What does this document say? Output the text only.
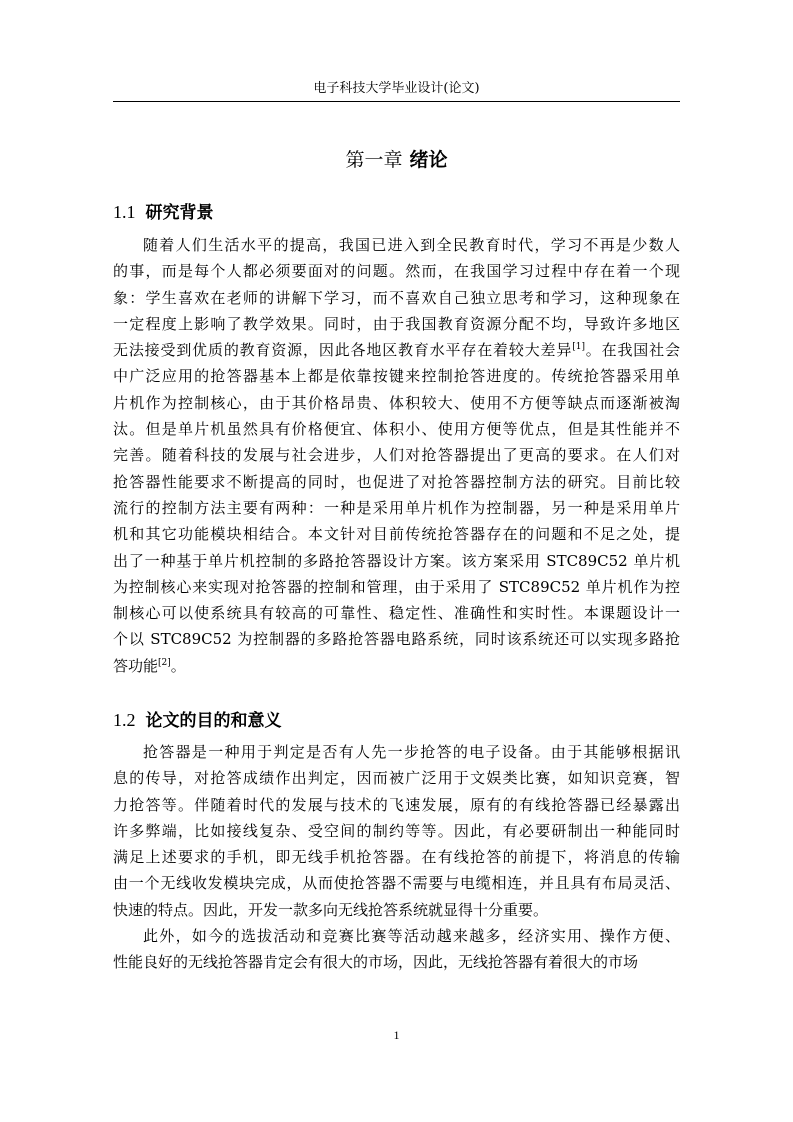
电子科技大学毕业设计(论文)
第一章 绪论
1.1 研究背景
随着人们生活水平的提高，我国已进入到全民教育时代，学习不再是少数人
的事，而是每个人都必须要面对的问题。然而，在我国学习过程中存在着一个现
象：学生喜欢在老师的讲解下学习，而不喜欢自己独立思考和学习，这种现象在
一定程度上影响了教学效果。同时，由于我国教育资源分配不均，导致许多地区
无法接受到优质的教育资源，因此各地区教育水平存在着较大差异[1]。在我国社会
中广泛应用的抢答器基本上都是依靠按键来控制抢答进度的。传统抢答器采用单
片机作为控制核心，由于其价格昂贵、体积较大、使用不方便等缺点而逐渐被淘
汰。但是单片机虽然具有价格便宜、体积小、使用方便等优点，但是其性能并不
完善。随着科技的发展与社会进步，人们对抢答器提出了更高的要求。在人们对
抢答器性能要求不断提高的同时，也促进了对抢答器控制方法的研究。目前比较
流行的控制方法主要有两种：一种是采用单片机作为控制器，另一种是采用单片
机和其它功能模块相结合。本文针对目前传统抢答器存在的问题和不足之处，提
出了一种基于单片机控制的多路抢答器设计方案。该方案采用 STC89C52 单片机
为控制核心来实现对抢答器的控制和管理，由于采用了 STC89C52 单片机作为控
制核心可以使系统具有较高的可靠性、稳定性、准确性和实时性。本课题设计一
个以 STC89C52 为控制器的多路抢答器电路系统，同时该系统还可以实现多路抢
答功能[2]。
1.2 论文的目的和意义
抢答器是一种用于判定是否有人先一步抢答的电子设备。由于其能够根据讯
息的传导，对抢答成绩作出判定，因而被广泛用于文娱类比赛，如知识竞赛，智
力抢答等。伴随着时代的发展与技术的飞速发展，原有的有线抢答器已经暴露出
许多弊端，比如接线复杂、受空间的制约等等。因此，有必要研制出一种能同时
满足上述要求的手机，即无线手机抢答器。在有线抢答的前提下，将消息的传输
由一个无线收发模块完成，从而使抢答器不需要与电缆相连，并且具有布局灵活、
快速的特点。因此，开发一款多向无线抢答系统就显得十分重要。
此外，如今的选拔活动和竞赛比赛等活动越来越多，经济实用、操作方便、
性能良好的无线抢答器肯定会有很大的市场，因此，无线抢答器有着很大的市场
1
